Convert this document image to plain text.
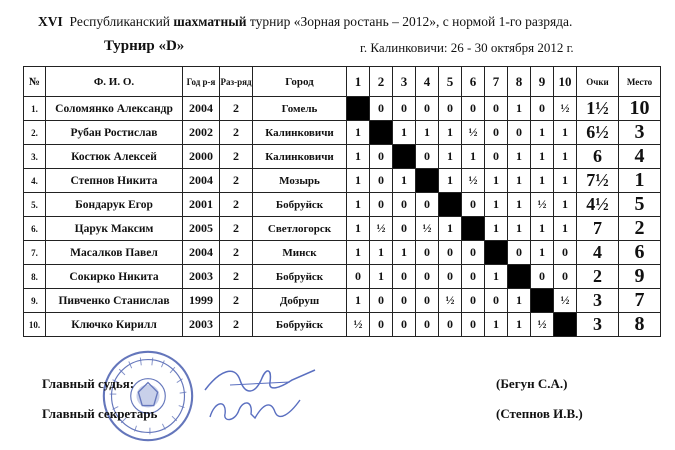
XVI Республиканский шахматный турнир «Зорная ростань – 2012», с нормой 1-го разряда.
Турнир «D»	г. Калинковичи: 26 - 30 октября 2012 г.
№	Ф. И. О.	Год р-я	Раз-ряд	Город	1	2	3	4	5	6	7	8	9	10	Очки	Место
1.	Соломянко Александр	2004	2	Гомель		0	0	0	0	0	0	1	0	½	1½	10
2.	Рубан Ростислав	2002	2	Калинковичи	1		1	1	1	½	0	0	1	1	6½	3
3.	Костюк Алексей	2000	2	Калинковичи	1	0		0	1	1	0	1	1	1	6	4
4.	Степнов Никита	2004	2	Мозырь	1	0	1		1	½	1	1	1	1	7½	1
5.	Бондарук Егор	2001	2	Бобруйск	1	0	0	0		0	1	1	½	1	4½	5
6.	Царук Максим	2005	2	Светлогорск	1	½	0	½	1		1	1	1	1	7	2
7.	Масалков Павел	2004	2	Минск	1	1	1	0	0	0		0	1	0	4	6
8.	Сокирко Никита	2003	2	Бобруйск	0	1	0	0	0	0	1		0	0	2	9
9.	Пивченко Станислав	1999	2	Добруш	1	0	0	0	½	0	0	1		½	3	7
10.	Ключко Кирилл	2003	2	Бобруйск	½	0	0	0	0	0	1	1	½		3	8
Главный судья:	(Бегун С.А.)
Главный секретарь	(Степнов И.В.)
